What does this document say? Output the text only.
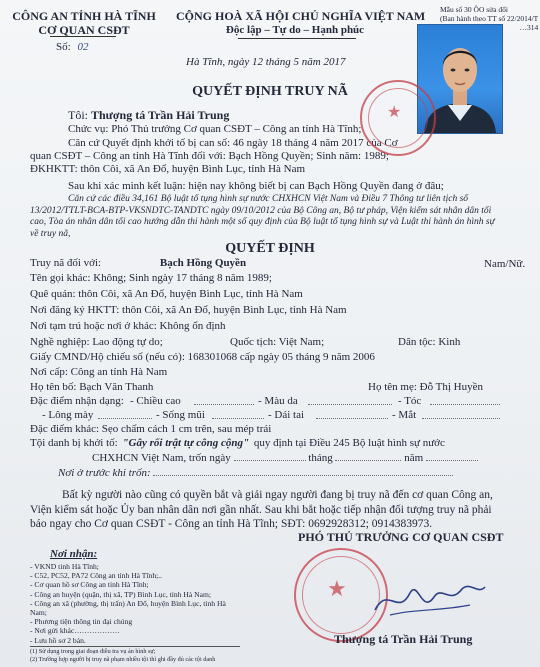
CÔNG AN TỈNH HÀ TĨNH
CƠ QUAN CSĐT
Số: 02
CỘNG HOÀ XÃ HỘI CHỦ NGHĨA VIỆT NAM
Độc lập – Tự do – Hạnh phúc
Mẫu số 30 ÔO sửa đổi
(Ban hành theo TT số 22/2014/T
…314
Hà Tĩnh, ngày 12 tháng 5 năm 2017
QUYẾT ĐỊNH TRUY NÃ
Tôi: Thượng tá Trần Hải Trung
Chức vụ: Phó Thủ trưởng Cơ quan CSĐT – Công an tỉnh Hà Tĩnh;
Căn cứ Quyết định khởi tố bị can số: 46 ngày 18 tháng 4 năm 2017 của Cơ quan CSĐT – Công an tỉnh Hà Tĩnh đối với: Bạch Hồng Quyền; Sinh năm: 1989; ĐKHKTT: thôn Côi, xã An Đổ, huyện Bình Lục, tỉnh Hà Nam
Sau khi xác minh kết luận: hiện nay không biết bị can Bạch Hồng Quyền đang ở đâu;
Căn cứ các điều 34,161 Bộ luật tố tụng hình sự nước CHXHCN Việt Nam và Điều 7 Thông tư liên tịch số 13/2012/TTLT-BCA-BTP-VKSNDTC-TANDTC ngày 09/10/2012 của Bộ Công an, Bộ tư pháp, Viện kiểm sát nhân dân tối cao, Tòa án nhân dân tối cao hướng dẫn thi hành một số quy định của Bộ luật tố tụng hình sự và Luật thi hành án hình sự về truy nã,
QUYẾT ĐỊNH
Truy nã đối với:	Bạch Hồng Quyền	Nam/Nữ.
Tên gọi khác: Không; Sinh ngày 17 tháng 8 năm 1989;
Quê quán: thôn Côi, xã An Đổ, huyện Bình Lục, tỉnh Hà Nam
Nơi đăng ký HKTT: thôn Côi, xã An Đổ, huyện Bình Lục, tỉnh Hà Nam
Nơi tạm trú hoặc nơi ở khác: Không ổn định
Nghề nghiệp: Lao động tự do;	Quốc tịch: Việt Nam;	Dân tộc: Kinh
Giấy CMND/Hộ chiếu số (nếu có): 168301068 cấp ngày 05 tháng 9 năm 2006
Nơi cấp: Công an tỉnh Hà Nam
Họ tên bố: Bạch Văn Thanh	Họ tên mẹ: Đỗ Thị Huyền
Đặc điểm nhận dạng: - Chiều cao	- Màu da	- Tóc
- Lông mày	- Sống mũi	- Dái tai	- Mắt
Đặc điểm khác: Sẹo chấm cách 1 cm trên, sau mép trái
Tội danh bị khởi tố: "Gây rối trật tự công cộng" quy định tại Điều 245 Bộ luật hình sự nước
CHXHCN Việt Nam, trốn ngày	tháng	năm
Nơi ở trước khi trốn:
Bất kỳ người nào cũng có quyền bắt và giải ngay người đang bị truy nã đến cơ quan Công an, Viện kiểm sát hoặc Ủy ban nhân dân nơi gần nhất. Sau khi bắt hoặc tiếp nhận đối tượng truy nã phải báo ngay cho Cơ quan CSĐT - Công an tỉnh Hà Tĩnh; SĐT: 0692928312; 0914383973.
Nơi nhận:
- VKND tỉnh Hà Tĩnh;
- C52, PC52, PA72 Công an tỉnh Hà Tĩnh;..
- Cơ quan hồ sơ Công an tỉnh Hà Tĩnh;
- Công an huyện (quận, thị xã, TP) Bình Lục, tỉnh Hà Nam;
- Công an xã (phường, thị trấn) An Đổ, huyện Bình Lục, tỉnh Hà
Nam;
- Phương tiện thông tin đại chúng
- Nơi gửi khác………………
- Lưu hồ sơ 2 bản.
(1) Sử dụng trong giai đoạn điều tra vụ án hình sự;
(2) Trường hợp người bị truy nã phạm nhiều tội thì ghi đầy đủ các tội danh
PHÓ THỦ TRƯỞNG CƠ QUAN CSĐT
★
Thượng tá Trần Hải Trung
★
